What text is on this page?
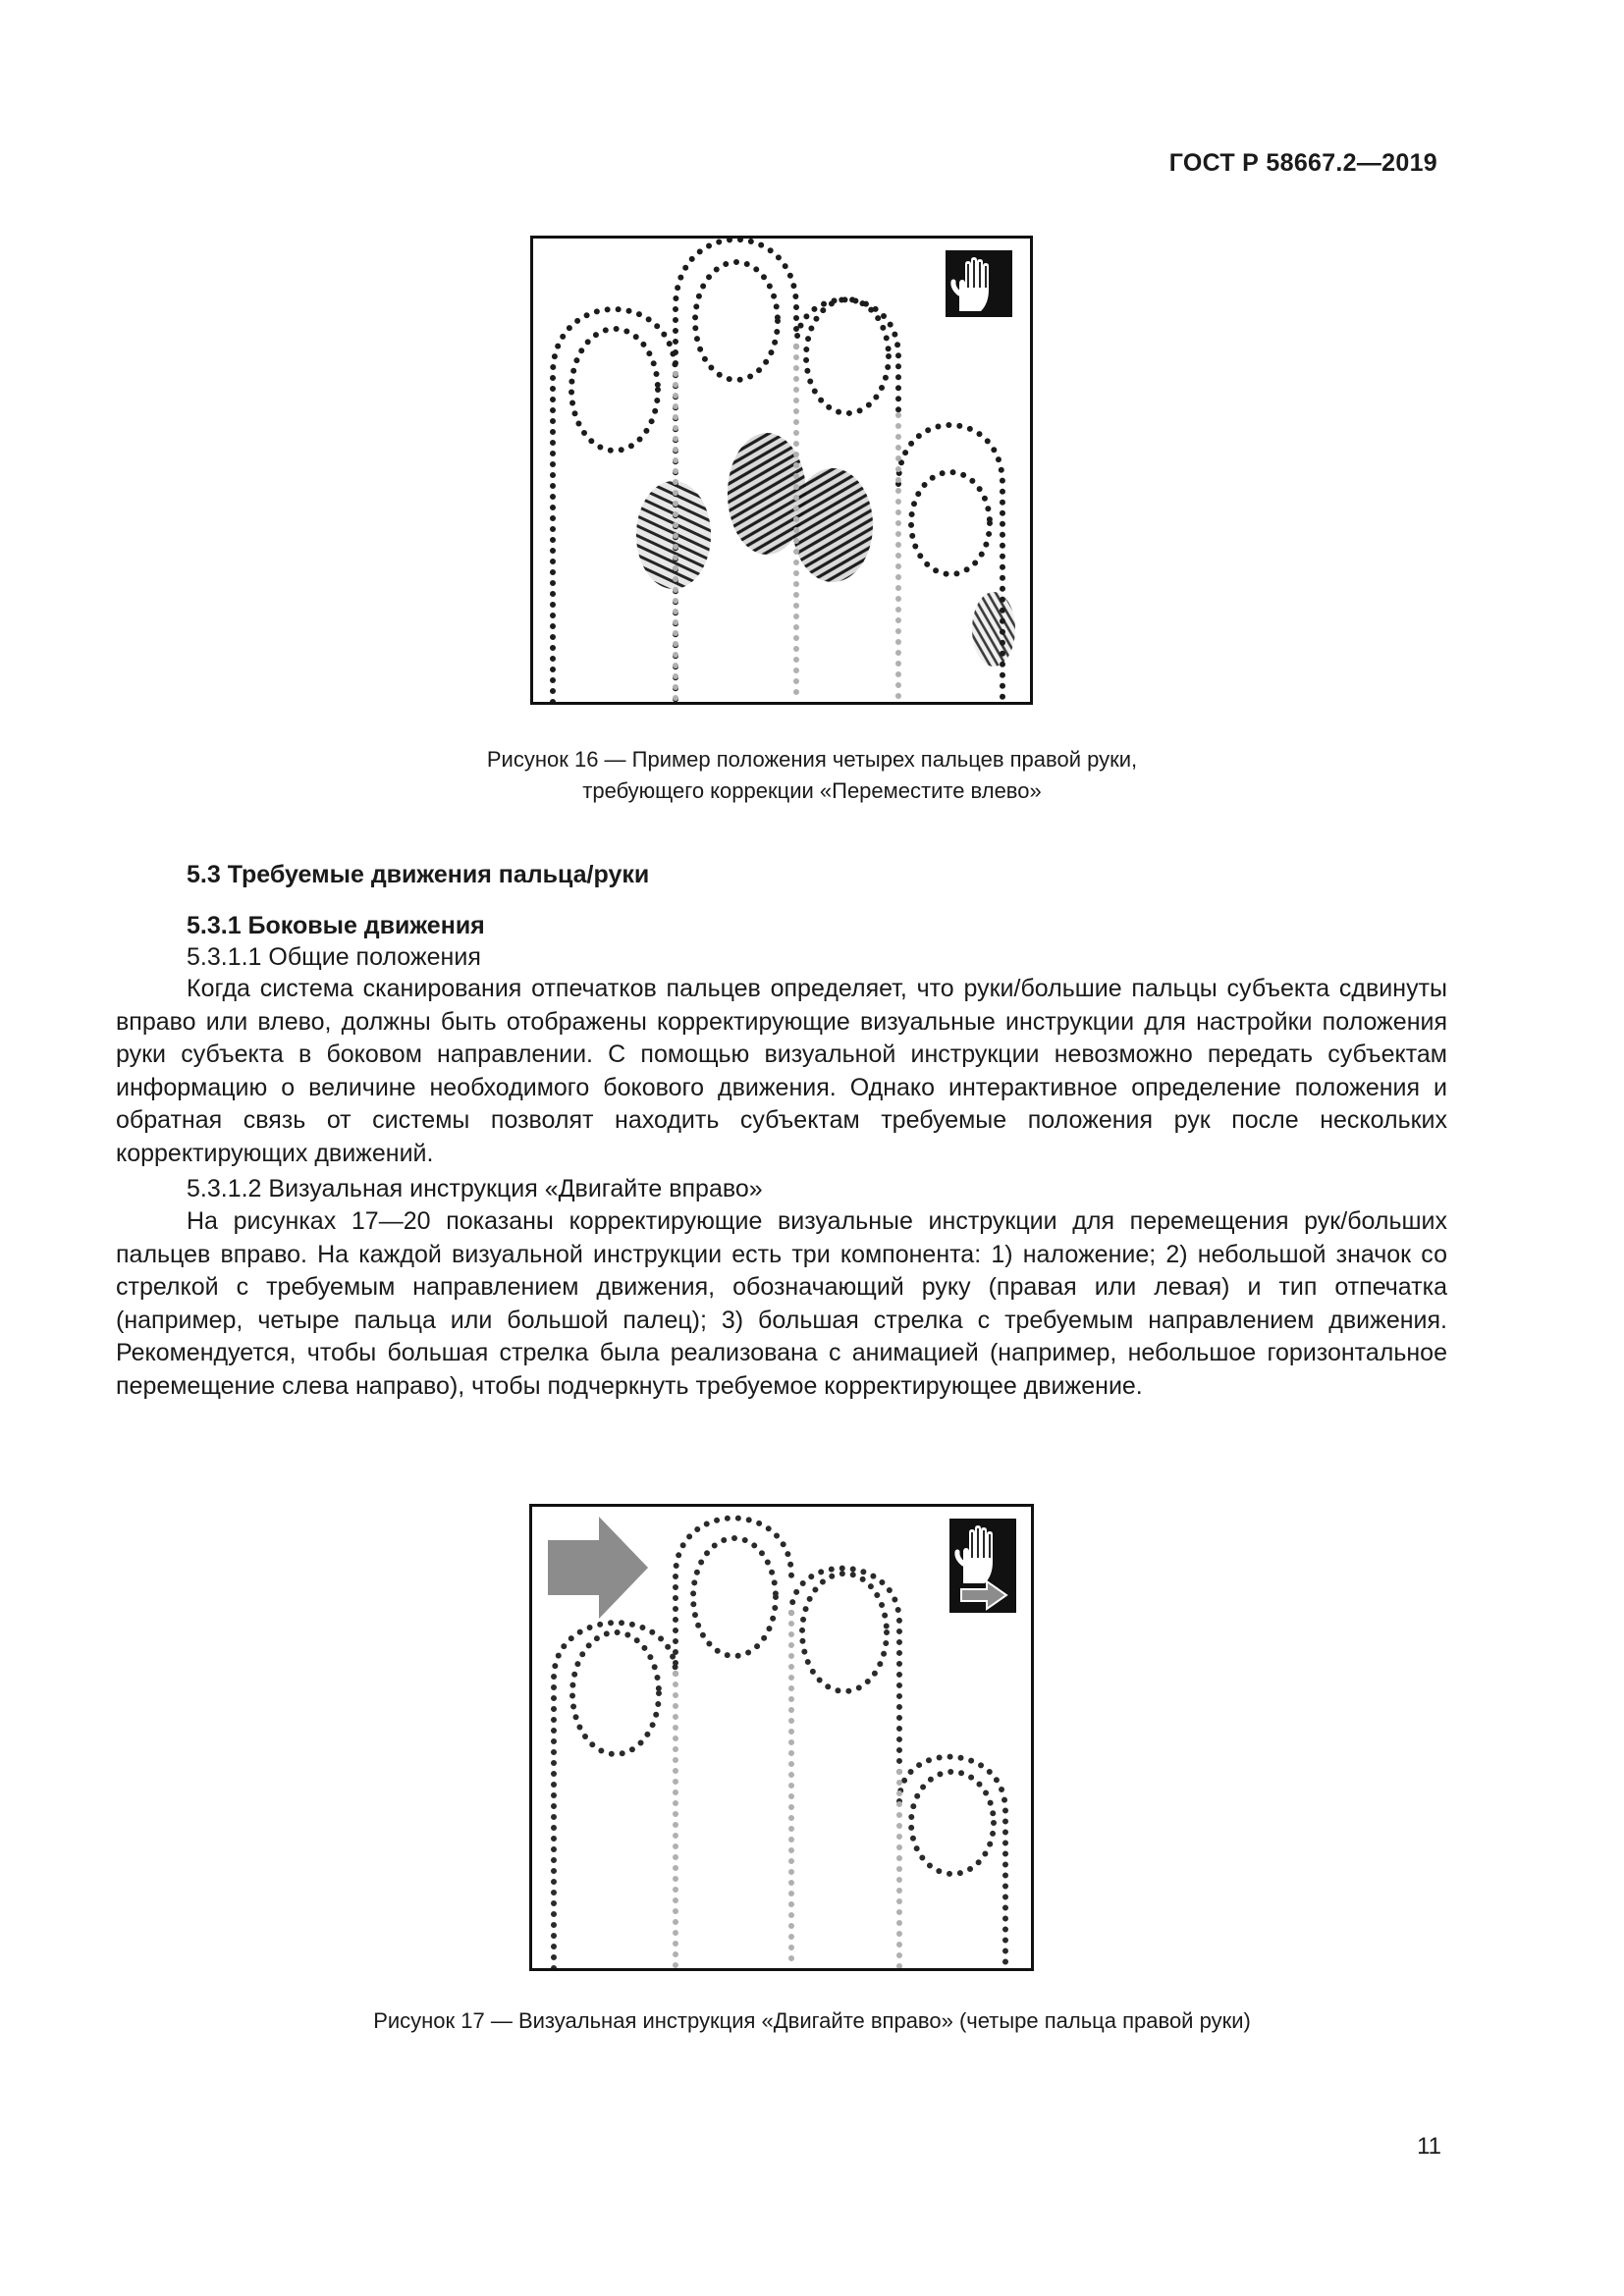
ГОСТ Р 58667.2—2019
Рисунок 16 — Пример положения четырех пальцев правой руки,
требующего коррекции «Переместите влево»
5.3 Требуемые движения пальца/руки
5.3.1 Боковые движения
5.3.1.1 Общие положения
Когда система сканирования отпечатков пальцев определяет, что руки/большие пальцы субъекта сдвинуты вправо или влево, должны быть отображены корректирующие визуальные инструкции для настройки положения руки субъекта в боковом направлении. С помощью визуальной инструкции невозможно передать субъектам информацию о величине необходимого бокового движения. Однако интерактивное определение положения и обратная связь от системы позволят находить субъектам требуемые положения рук после нескольких корректирующих движений.
5.3.1.2 Визуальная инструкция «Двигайте вправо»
На рисунках 17—20 показаны корректирующие визуальные инструкции для перемещения рук/больших пальцев вправо. На каждой визуальной инструкции есть три компонента: 1) наложение; 2) небольшой значок со стрелкой с требуемым направлением движения, обозначающий руку (правая или левая) и тип отпечатка (например, четыре пальца или большой палец); 3) большая стрелка с требуемым направлением движения. Рекомендуется, чтобы большая стрелка была реализована с анимацией (например, небольшое горизонтальное перемещение слева направо), чтобы подчеркнуть требуемое корректирующее движение.
Рисунок 17 — Визуальная инструкция «Двигайте вправо» (четыре пальца правой руки)
11
